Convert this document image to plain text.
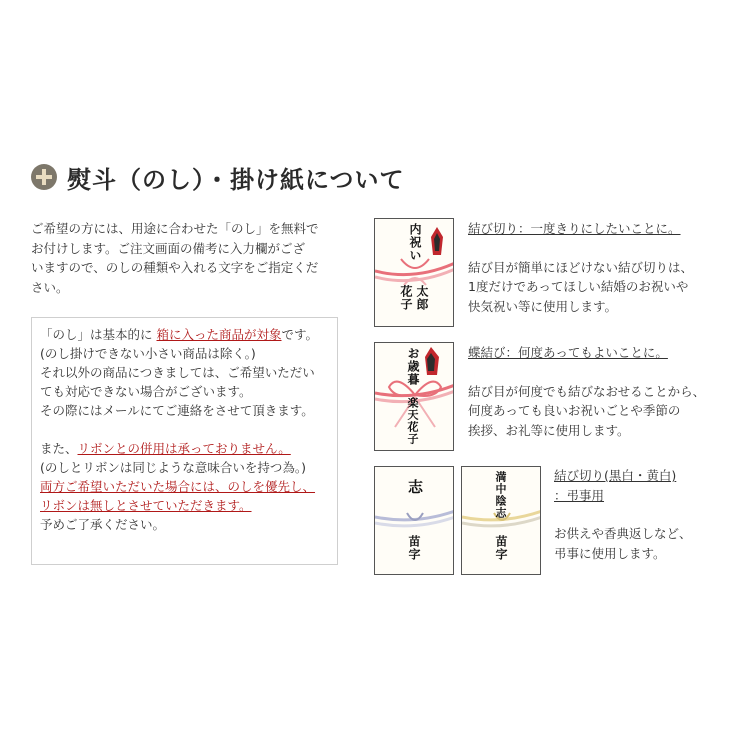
熨斗（のし）・掛け紙について
ご希望の方には、用途に合わせた「のし」を無料で
お付けします。ご注文画面の備考に入力欄がござ
いますので、のしの種類や入れる文字をご指定くだ
さい。

「のし」は基本的に 箱に入った商品が対象です。

(のし掛けできない小さい商品は除く。)

それ以外の商品につきましては、ご希望いただい

ても対応できない場合がございます。

その際にはメールにてご連絡をさせて頂きます。

また、リボンとの併用は承っておりません。

(のしとリボンは同じような意味合いを持つ為。)

両方ご希望いただいた場合には、のしを優先し、

リボンは無しとさせていただきます。

予めご了承ください。

内祝い
太郎
花子

結び切り：一度きりにしたいことに。

結び目が簡単にほどけない結び切りは、

1度だけであってほしい結婚のお祝いや

快気祝い等に使用します。

お歳暮
楽天花子

蝶結び：何度あってもよいことに。

結び目が何度でも結びなおせることから、

何度あっても良いお祝いごとや季節の

挨拶、お礼等に使用します。

志
苗字
満中陰志
苗字

結び切り(黒白・黄白)

：弔事用

お供えや香典返しなど、

弔事に使用します。
